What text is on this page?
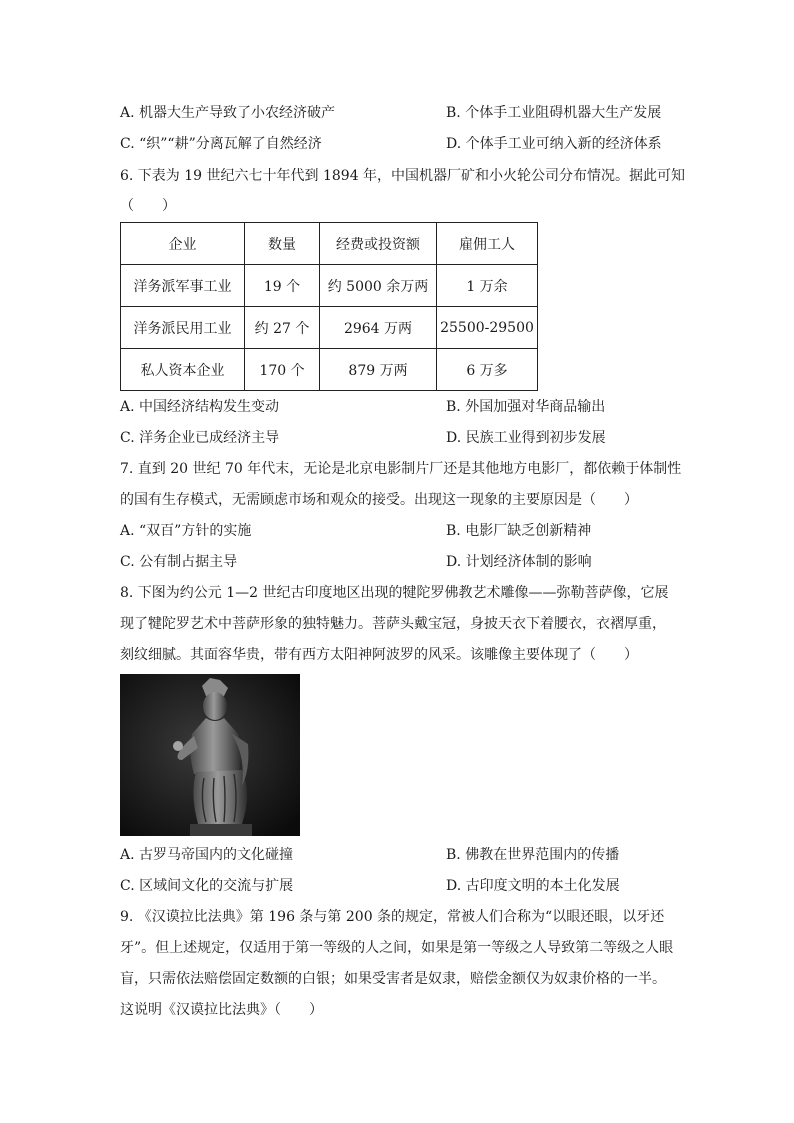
A. 机器大生产导致了小农经济破产	B. 个体手工业阻碍机器大生产发展
C. “织”“耕”分离瓦解了自然经济	D. 个体手工业可纳入新的经济体系
6. 下表为 19 世纪六七十年代到 1894 年，中国机器厂矿和小火轮公司分布情况。据此可知
（　　）
企业	数量	经费或投资额	雇佣工人
洋务派军事工业	19 个	约 5000 余万两	1 万余
洋务派民用工业	约 27 个	2964 万两	25500-29500
私人资本企业	170 个	879 万两	6 万多
A. 中国经济结构发生变动	B. 外国加强对华商品输出
C. 洋务企业已成经济主导	D. 民族工业得到初步发展
7. 直到 20 世纪 70 年代末，无论是北京电影制片厂还是其他地方电影厂，都依赖于体制性
的国有生存模式，无需顾虑市场和观众的接受。出现这一现象的主要原因是（　　）
A. “双百”方针的实施	B. 电影厂缺乏创新精神
C. 公有制占据主导	D. 计划经济体制的影响
8. 下图为约公元 1—2 世纪古印度地区出现的犍陀罗佛教艺术雕像——弥勒菩萨像，它展
现了犍陀罗艺术中菩萨形象的独特魅力。菩萨头戴宝冠，身披天衣下着腰衣，衣褶厚重，
刻纹细腻。其面容华贵，带有西方太阳神阿波罗的风采。该雕像主要体现了（　　）
A. 古罗马帝国内的文化碰撞	B. 佛教在世界范围内的传播
C. 区域间文化的交流与扩展	D. 古印度文明的本土化发展
9. 《汉谟拉比法典》第 196 条与第 200 条的规定，常被人们合称为“以眼还眼，以牙还
牙”。但上述规定，仅适用于第一等级的人之间，如果是第一等级之人导致第二等级之人眼
盲，只需依法赔偿固定数额的白银；如果受害者是奴隶，赔偿金额仅为奴隶价格的一半。
这说明《汉谟拉比法典》（　　）
